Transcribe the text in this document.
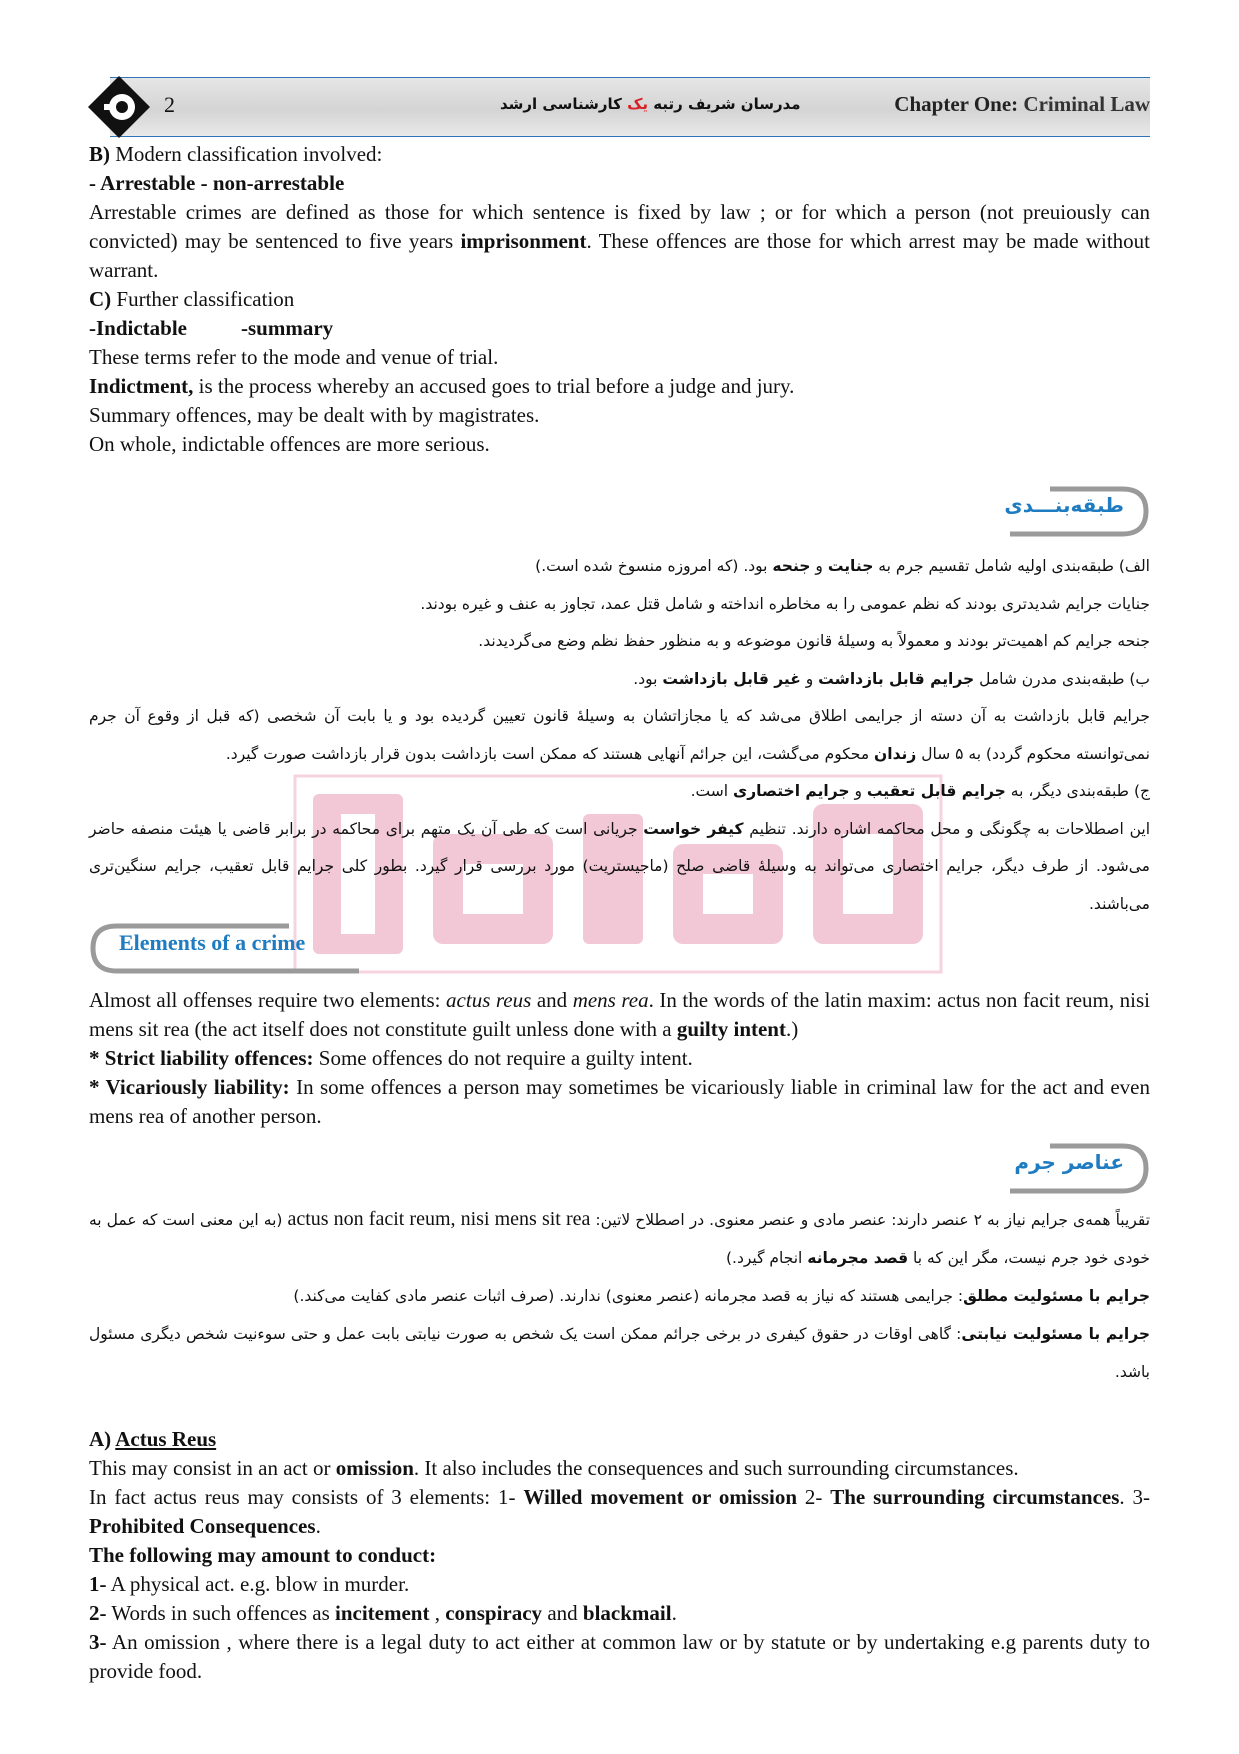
2	مدرسان شریف رتبه یک کارشناسی ارشد	Chapter One: Criminal Law

B) Modern classification involved:

- Arrestable - non-arrestable

Arrestable crimes are defined as those for which sentence is fixed by law ; or for which a person (not preuiously can convicted) may be sentenced to five years imprisonment. These offences are those for which arrest may be made without warrant.

C) Further classification

-Indictable	-summary

These terms refer to the mode and venue of trial.

Indictment, is the process whereby an accused goes to trial before a judge and jury.

Summary offences, may be dealt with by magistrates.

On whole, indictable offences are more serious.

طبقه‌بنـــدی

الف) طبقه‌بندی اولیه شامل تقسیم جرم به جنایت و جنحه بود. (که امروزه منسوخ شده است.)

جنایات جرایم شدیدتری بودند که نظم عمومی را به مخاطره انداخته و شامل قتل عمد، تجاوز به عنف و غیره بودند.

جنحه جرایم کم اهمیت‌تر بودند و معمولاً به وسیلهٔ قانون موضوعه و به منظور حفظ نظم وضع می‌گردیدند.

ب) طبقه‌بندی مدرن شامل جرایم قابل بازداشت و غیر قابل بازداشت بود.

جرایم قابل بازداشت به آن دسته از جرایمی اطلاق می‌شد که یا مجازاتشان به وسیلهٔ قانون تعیین گردیده بود و یا بابت آن شخصی (که قبل از وقوع آن جرم نمی‌توانسته محکوم گردد) به ۵ سال زندان محکوم می‌گشت، این جرائم آنهایی هستند که ممکن است بازداشت بدون قرار بازداشت صورت گیرد.

ج) طبقه‌بندی دیگر، به جرایم قابل تعقیب و جرایم اختصاری است.

این اصطلاحات به چگونگی و محل محاکمه اشاره دارند. تنظیم کیفر خواست جریانی است که طی آن یک متهم برای محاکمه در برابر قاضی یا هیئت منصفه حاضر می‌شود. از طرف دیگر، جرایم اختصاری می‌تواند به وسیلهٔ قاضی صلح (ماجیستریت) مورد بررسی قرار گیرد. بطور کلی جرایم قابل تعقیب، جرایم سنگین‌تری می‌باشند.

Elements of a crime

Almost all offenses require two elements: actus reus and mens rea. In the words of the latin maxim: actus non facit reum, nisi mens sit rea (the act itself does not constitute guilt unless done with a guilty intent.)

* Strict liability offences: Some offences do not require a guilty intent.

* Vicariously liability: In some offences a person may sometimes be vicariously liable in criminal law for the act and even mens rea of another person.

عناصر جرم

تقریباً همه‌ی جرایم نیاز به ۲ عنصر دارند: عنصر مادی و عنصر معنوی. در اصطلاح لاتین: actus non facit reum, nisi mens sit rea (به این معنی است که عمل به خودی خود جرم نیست، مگر این که با قصد مجرمانه انجام گیرد.)

جرایم با مسئولیت مطلق: جرایمی هستند که نیاز به قصد مجرمانه (عنصر معنوی) ندارند. (صرف اثبات عنصر مادی کفایت می‌کند.)

جرایم با مسئولیت نیابتی: گاهی اوقات در حقوق کیفری در برخی جرائم ممکن است یک شخص به صورت نیابتی بابت عمل و حتی سوءنیت شخص دیگری مسئول باشد.

A) Actus Reus

This may consist in an act or omission. It also includes the consequences and such surrounding circumstances.

In fact actus reus may consists of 3 elements: 1- Willed movement or omission 2- The surrounding circumstances. 3- Prohibited Consequences.

The following may amount to conduct:

1- A physical act. e.g. blow in murder.

2- Words in such offences as incitement , conspiracy and blackmail.

3- An omission , where there is a legal duty to act either at common law or by statute or by undertaking e.g parents duty to provide food.
